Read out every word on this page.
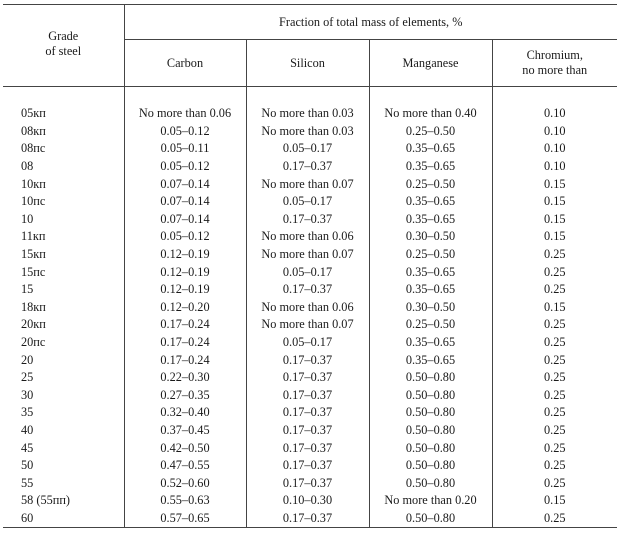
Grade
of steel	Fraction of total mass of elements, %			
	Carbon	Silicon	Manganese	Chromium,
no more than

05кп	No more than 0.06	No more than 0.03	No more than 0.40	0.10
08кп	0.05–0.12	No more than 0.03	0.25–0.50	0.10
08пс	0.05–0.11	0.05–0.17	0.35–0.65	0.10
08	0.05–0.12	0.17–0.37	0.35–0.65	0.10
10кп	0.07–0.14	No more than 0.07	0.25–0.50	0.15
10пс	0.07–0.14	0.05–0.17	0.35–0.65	0.15
10	0.07–0.14	0.17–0.37	0.35–0.65	0.15
11кп	0.05–0.12	No more than 0.06	0.30–0.50	0.15
15кп	0.12–0.19	No more than 0.07	0.25–0.50	0.25
15пс	0.12–0.19	0.05–0.17	0.35–0.65	0.25
15	0.12–0.19	0.17–0.37	0.35–0.65	0.25
18кп	0.12–0.20	No more than 0.06	0.30–0.50	0.15
20кп	0.17–0.24	No more than 0.07	0.25–0.50	0.25
20пс	0.17–0.24	0.05–0.17	0.35–0.65	0.25
20	0.17–0.24	0.17–0.37	0.35–0.65	0.25
25	0.22–0.30	0.17–0.37	0.50–0.80	0.25
30	0.27–0.35	0.17–0.37	0.50–0.80	0.25
35	0.32–0.40	0.17–0.37	0.50–0.80	0.25
40	0.37–0.45	0.17–0.37	0.50–0.80	0.25
45	0.42–0.50	0.17–0.37	0.50–0.80	0.25
50	0.47–0.55	0.17–0.37	0.50–0.80	0.25
55	0.52–0.60	0.17–0.37	0.50–0.80	0.25
58 (55пп)	0.55–0.63	0.10–0.30	No more than 0.20	0.15
60	0.57–0.65	0.17–0.37	0.50–0.80	0.25
